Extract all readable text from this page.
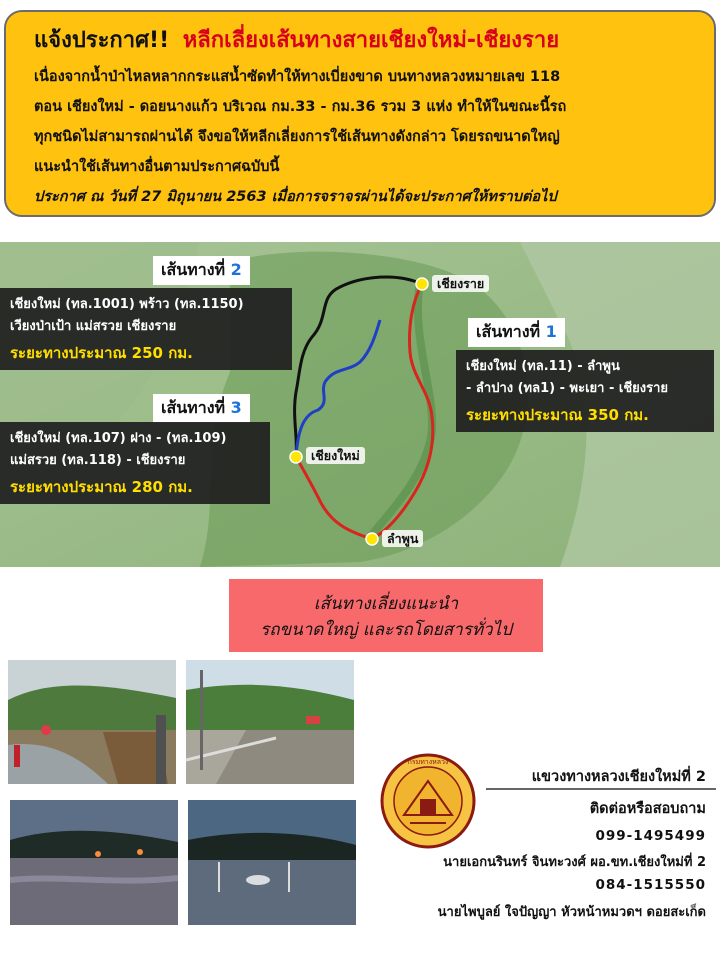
แจ้งประกาศ!! หลีกเลี่ยงเส้นทางสายเชียงใหม่-เชียงราย
เนื่องจากน้ำป่าไหลหลากกระแสน้ำซัดทำให้ทางเบี่ยงขาด บนทางหลวงหมายเลข 118
ตอน เชียงใหม่ - ดอยนางแก้ว บริเวณ กม.33 - กม.36 รวม 3 แห่ง ทำให้ในขณะนี้รถ
ทุกชนิดไม่สามารถผ่านได้ จึงขอให้หลีกเลี่ยงการใช้เส้นทางดังกล่าว โดยรถขนาดใหญ่
แนะนำใช้เส้นทางอื่นตามประกาศฉบับนี้
ประกาศ ณ วันที่ 27 มิถุนายน 2563 เมื่อการจราจรผ่านได้จะประกาศให้ทราบต่อไป
เชียงราย
เชียงใหม่
ลำพูน
เส้นทางที่ 2
เชียงใหม่ (ทล.1001) พร้าว (ทล.1150)
เวียงป่าเป้า แม่สรวย เชียงราย
ระยะทางประมาณ 250 กม.
เส้นทางที่ 3
เชียงใหม่ (ทล.107) ฝาง - (ทล.109)
แม่สรวย (ทล.118) - เชียงราย
ระยะทางประมาณ 280 กม.
เส้นทางที่ 1
เชียงใหม่ (ทล.11) - ลำพูน
- ลำปาง (ทล1) - พะเยา - เชียงราย
ระยะทางประมาณ 350 กม.
เส้นทางเลี่ยงแนะนำ
รถขนาดใหญ่ และรถโดยสารทั่วไป
กรมทางหลวง
แขวงทางหลวงเชียงใหม่ที่ 2
ติดต่อหรือสอบถาม
099-1495499
นายเอกนรินทร์ จินทะวงศ์ ผอ.ขท.เชียงใหม่ที่ 2
084-1515550
นายไพบูลย์ ใจปัญญา หัวหน้าหมวดฯ ดอยสะเก็ด
